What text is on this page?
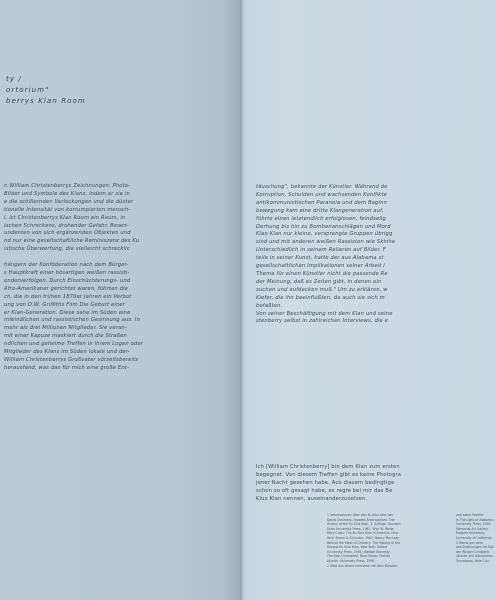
ty /
ortorium"
berrys Klan Room
n William Christenberrys Zeichnungen, Photo-
Bilder und Symbole des Klans, indem er sie in
e die schillernden Verlockungen und die düster
tionelle Intensität von korrumpierten mensch-
i, ist Christenberrys Klan Room ein Raum, in
ischen Schreckens, drohender Gefahr, Besen-
undenten von sich ergänzenden Objekten und
nd nur eine gesellschaftliche Reminiszenz des Ku
istische Überwerfung, die vielleicht schrecklic

hängern der Konföderation nach dem Bürger-
s Hauptkraft einer bösartigen weißen rassisti-
onderverfolgen. Durch Einschüchterungs- und
Afro-Amerikaner gerichtet waren, führten die
ch, die in den frühen 1870er Jahren ein Verbot
ung von D.W. Griffiths Film Die Geburt einer
er Klan-Generation. Diese sahe im Süden eine
mfeindlichen und rassistischen Gesinnung aus. In
mehr als drei Millionen Mitglieder. Sie veran-
mit einer Kapuze maskiert durch die Straßen
ndlichen und geheime Treffen in ihrem Logen oder
Mitglieder des Klans im Süden lokale und der-
William Christenberrys Großvater vörzeitsbereits
herausfand, was das für mich eine große Ent-
täuschung", bekannte der Künstler. Während de
Korruption, Schulden und wachsenden Konflikte
antikommunistischen Paranoia und dem Beginn
bewegung kam eine dritte Klangeneration auf,
führte einen letztendlich erfolglosen, feindselig
Derhung bis hin zu Bombenanschlägen und Mord
Klan Klan nur kleine, versprengte Gruppen übrigg
sind und mit anderen weißen Rassisten wie Skinhe
Unterschiedlich in seinem Relieren auf Bilder, F
teile in seiner Kunst, hatte der aus Alabama st
gesellschaftlichen Implikationen seiner Arbeit i
Thema für einen Künstler nicht die passende Re
der Meinung, daß es Zeiten gibt, in denen ein
suchen und aufdecken muß." Um zu erklären, w
Kiefer, die ihn beeinflußten, da auch sie sich m
befaßten.
Von seiner Beschäftigung mit dem Klan und seine
stenberry selbst in zahlreichen Interviews, die e
Ich [William Christenberry] bin dem Klan zum ersten
begegnet. Von diesem Treffen gibt es keine Photogra
jener Nacht gesehen habe. Aus diesem bedingtige
schon so oft gesagt habe, es regte bei mir das Be
Klux Klan nennen, auseinanderzusetzen.
1 Informationen über den Ku Klux Klan bei:
David Chalmers, Hooded Americanism: The
History of the Ku Klux Klan, 3. Auflage, Durham:
Duke University Press, 1987; Wyn W. Wade,
Fiery Cross: The Ku Klux Klan in America, New
York: Simon & Schuster, 1987; Nancy MacLean,
Behind the Mask of Chivalry: The Making of the
Second Ku Klux Klan, New York: Oxford
University Press, 1994; Stetson Kennedy,
The Klan Unmasked, Boca Raton: Florida
Atlantic University Press, 1990.
2 Zitat aus einem Interview mit dem Künstler.
und seine Familie:
in The Light of Alabama,
University Press, 1994
Memorial Art Gallery,
Rutgers University,
University of California,
3 Memo aus dem
das Erzählungen im Süd
der William Christenb
Atlanta und Albuquerqu
Tuscaloosa, Hale Cou
